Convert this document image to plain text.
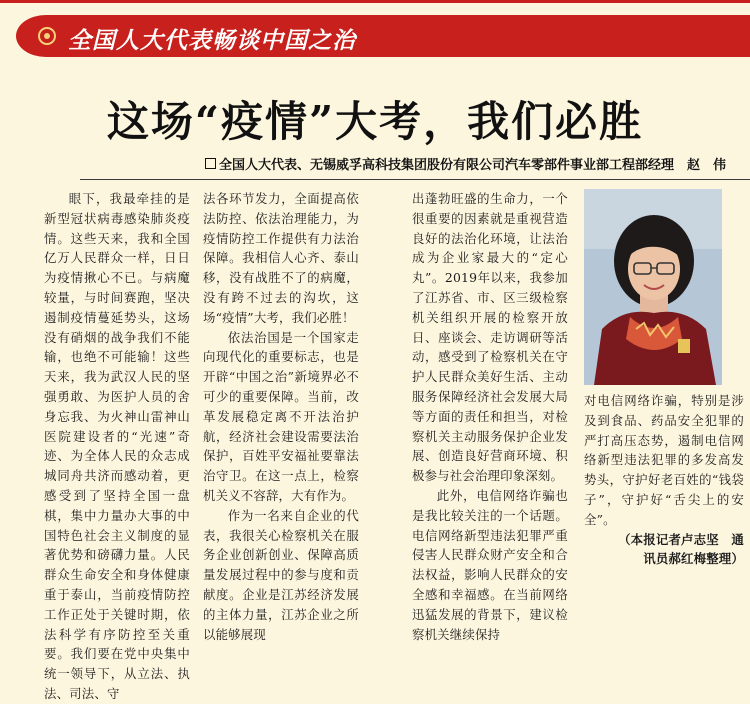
全国人大代表畅谈中国之治
这场“疫情”大考，我们必胜
全国人大代表、无锡威孚高科技集团股份有限公司汽车零部件事业部工程部经理　赵　伟

眼下，我最牵挂的是新型冠状病毒感染肺炎疫情。这些天来，我和全国亿万人民群众一样，日日为疫情揪心不已。与病魔较量，与时间赛跑，坚决遏制疫情蔓延势头，这场没有硝烟的战争我们不能输，也绝不可能输！这些天来，我为武汉人民的坚强勇敢、为医护人员的舍身忘我、为火神山雷神山医院建设者的“光速”奇迹、为全体人民的众志成城同舟共济而感动着，更感受到了坚持全国一盘棋，集中力量办大事的中国特色社会主义制度的显著优势和磅礴力量。人民群众生命安全和身体健康重于泰山，当前疫情防控工作正处于关键时期，依法科学有序防控至关重要。我们要在党中央集中统一领导下，从立法、执法、司法、守

法各环节发力，全面提高依法防控、依法治理能力，为疫情防控工作提供有力法治保障。我相信人心齐、泰山移，没有战胜不了的病魔，没有跨不过去的沟坎，这场“疫情”大考，我们必胜！

依法治国是一个国家走向现代化的重要标志，也是开辟“中国之治”新境界必不可少的重要保障。当前，改革发展稳定离不开法治护航，经济社会建设需要法治保护，百姓平安福祉要靠法治守卫。在这一点上，检察机关义不容辞，大有作为。

作为一名来自企业的代表，我很关心检察机关在服务企业创新创业、保障高质量发展过程中的参与度和贡献度。企业是江苏经济发展的主体力量，江苏企业之所以能够展现

出蓬勃旺盛的生命力，一个很重要的因素就是重视营造良好的法治化环境，让法治成为企业家最大的“定心丸”。2019年以来，我参加了江苏省、市、区三级检察机关组织开展的检察开放日、座谈会、走访调研等活动，感受到了检察机关在守护人民群众美好生活、主动服务保障经济社会发展大局等方面的责任和担当，对检察机关主动服务保护企业发展、创造良好营商环境、积极参与社会治理印象深刻。

此外，电信网络诈骗也是我比较关注的一个话题。电信网络新型违法犯罪严重侵害人民群众财产安全和合法权益，影响人民群众的安全感和幸福感。在当前网络迅猛发展的背景下，建议检察机关继续保持

对电信网络诈骗，特别是涉及到食品、药品安全犯罪的严打高压态势，遏制电信网络新型违法犯罪的多发高发势头，守护好老百姓的“钱袋子”，守护好“舌尖上的安全”。

（本报记者卢志坚　通讯员郝红梅整理）
